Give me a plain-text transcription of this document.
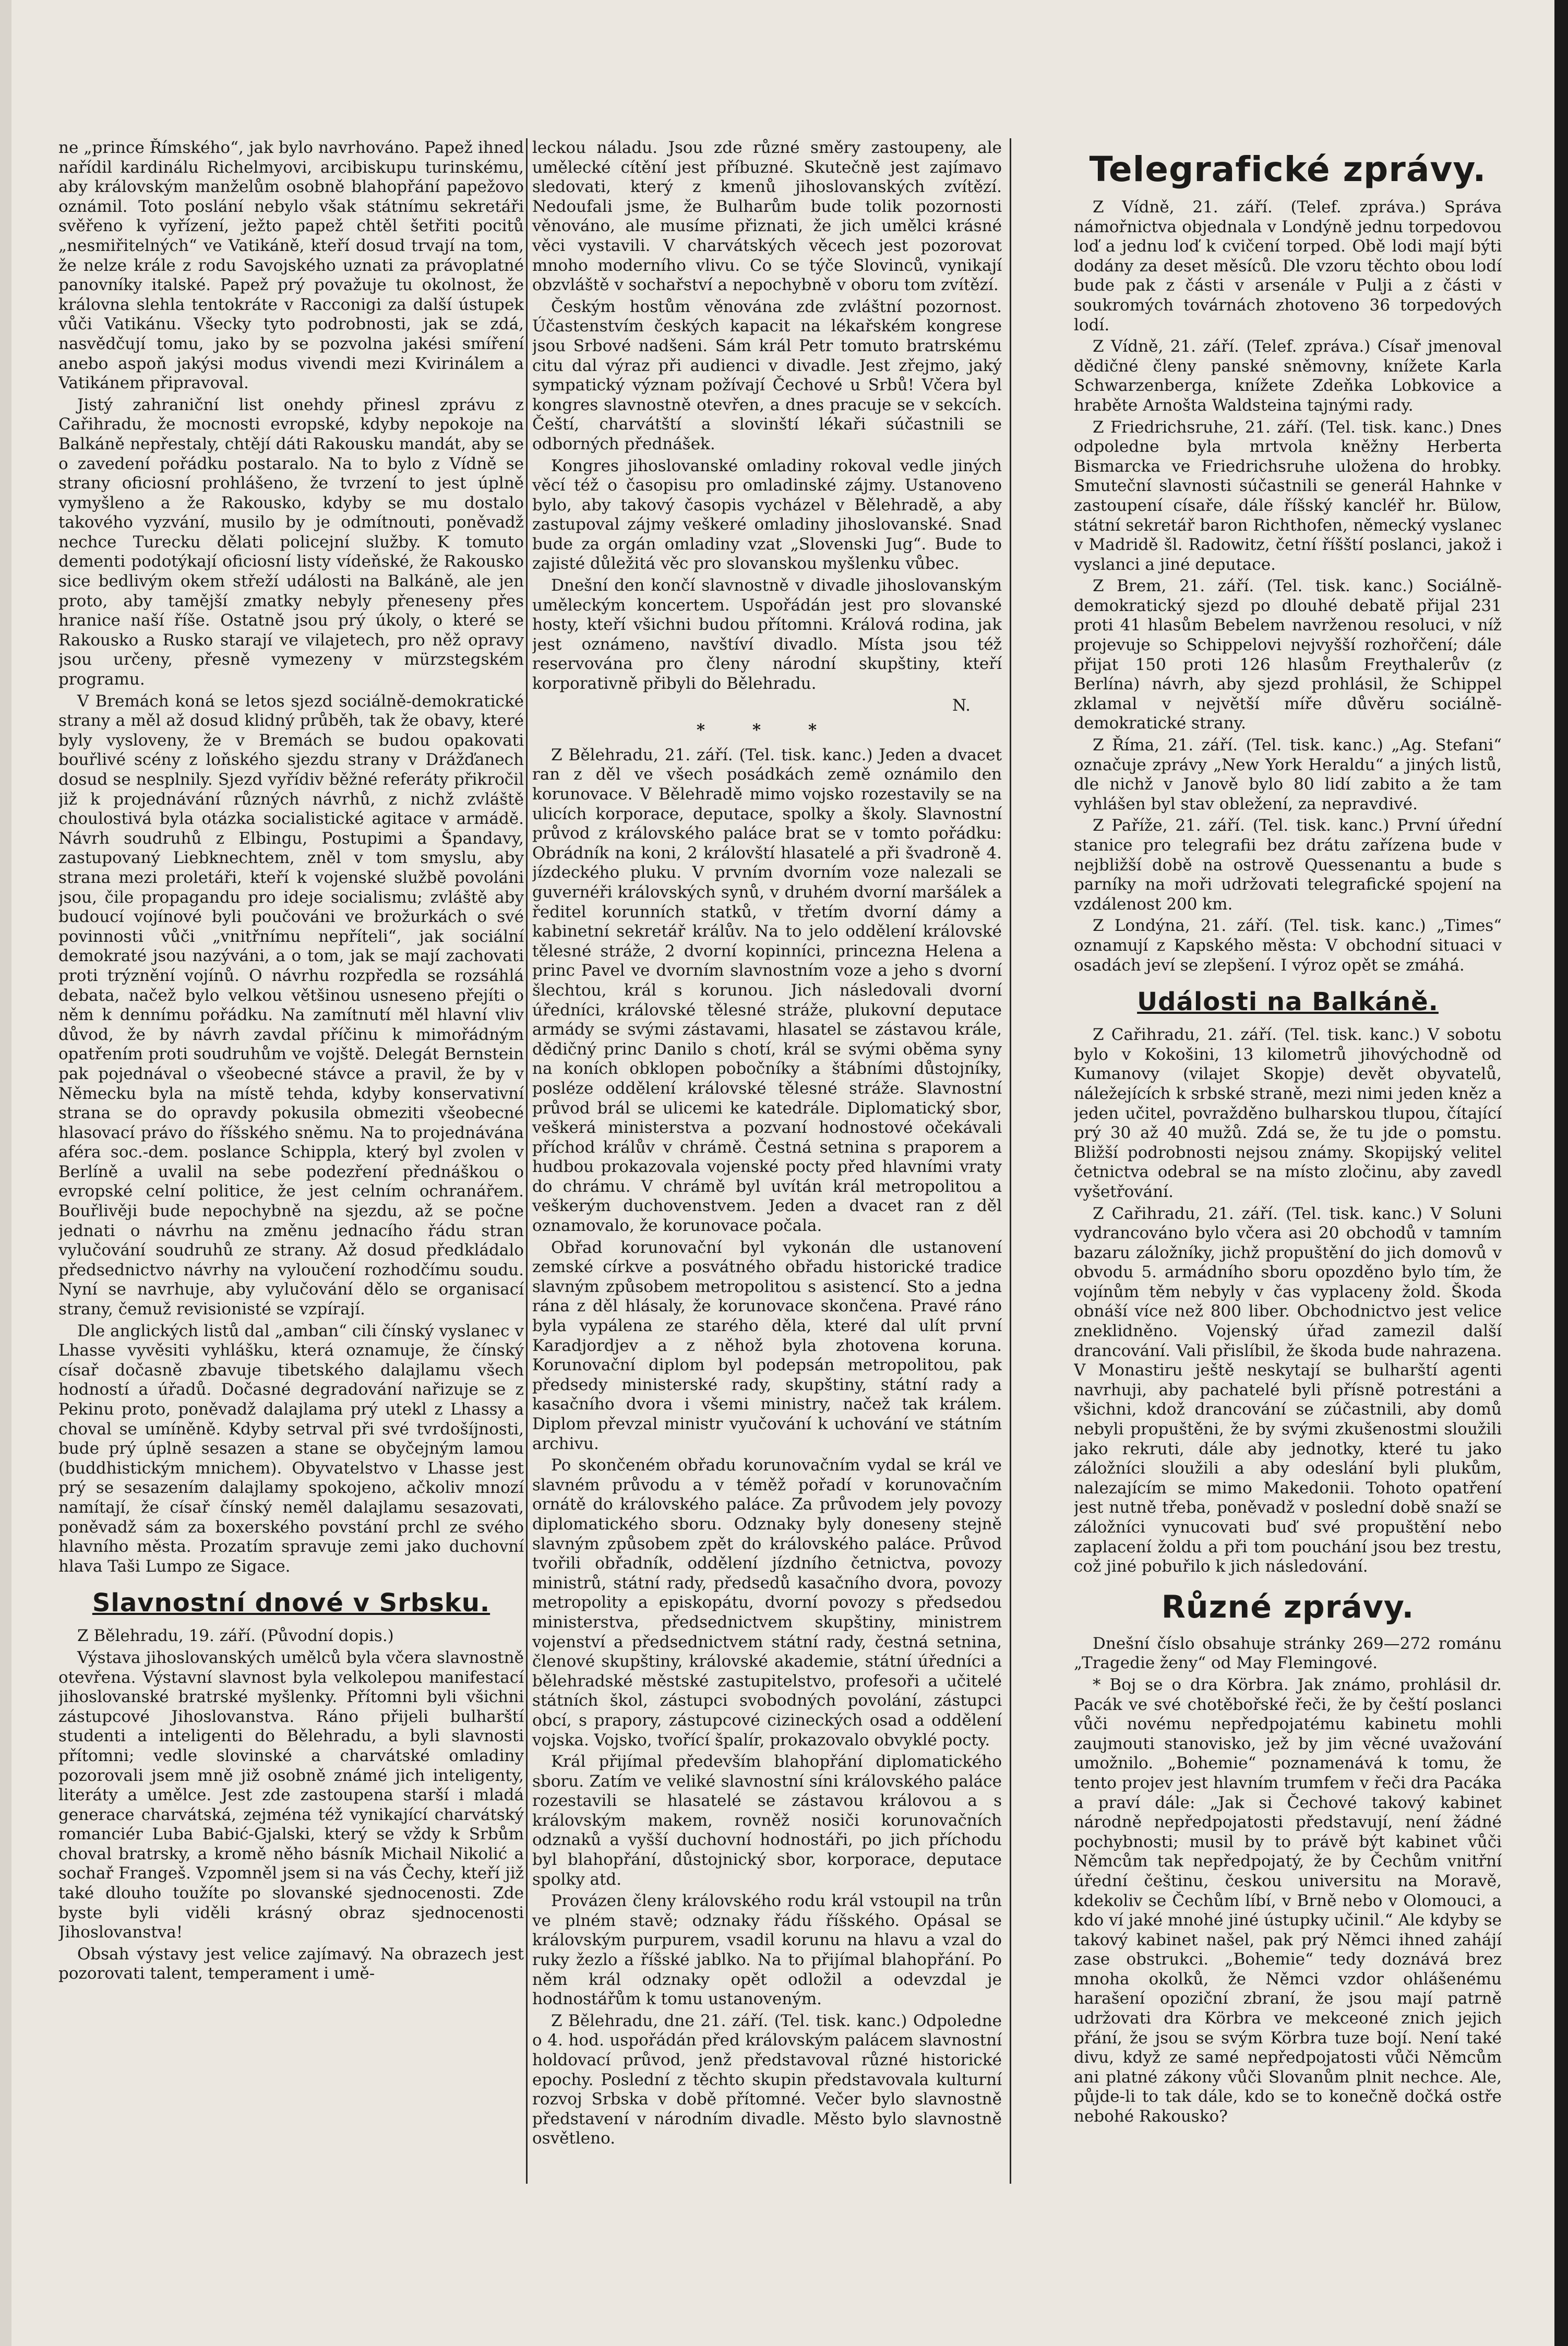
ne „prince Římského“, jak bylo navrhováno. Papež ihned nařídil kardinálu Richelmyovi, arcibiskupu turinskému, aby královským manželům osobně blahopřání papežovo oznámil. Toto poslání nebylo však státnímu sekretáři svěřeno k vyřízení, ježto papež chtěl šetřiti pocitů „nesmiřitelných“ ve Vatikáně, kteří dosud trvají na tom, že nelze krále z rodu Savojského uznati za právoplatné panovníky italské. Papež prý považuje tu okolnost, že královna slehla tentokráte v Racconigi za další ústupek vůči Vatikánu. Všecky tyto podrobnosti, jak se zdá, nasvědčují tomu, jako by se pozvolna jakési smíření anebo aspoň jakýsi modus vivendi mezi Kvirinálem a Vatikánem připravoval.

Jistý zahraniční list onehdy přinesl zprávu z Cařihradu, že mocnosti evropské, kdyby nepokoje na Balkáně nepřestaly, chtějí dáti Rakousku mandát, aby se o zavedení pořádku postaralo. Na to bylo z Vídně se strany oficiosní prohlášeno, že tvrzení to jest úplně vymyšleno a že Rakousko, kdyby se mu dostalo takového vyzvání, musilo by je odmítnouti, poněvadž nechce Turecku dělati policejní služby. K tomuto dementi podotýkají oficiosní listy vídeňské, že Rakousko sice bedlivým okem střeží události na Balkáně, ale jen proto, aby tamější zmatky nebyly přeneseny přes hranice naší říše. Ostatně jsou prý úkoly, o které se Rakousko a Rusko starají ve vilajetech, pro něž opravy jsou určeny, přesně vymezeny v mürzstegském programu.

V Bremách koná se letos sjezd sociálně-demokratické strany a měl až dosud klidný průběh, tak že obavy, které byly vysloveny, že v Bremách se budou opakovati bouřlivé scény z loňského sjezdu strany v Drážďanech dosud se nesplnily. Sjezd vyřídiv běžné referáty přikročil již k projednávání různých návrhů, z nichž zvláště choulostivá byla otázka socialistické agitace v armádě. Návrh soudruhů z Elbingu, Postupimi a Špandavy, zastupovaný Liebknechtem, zněl v tom smyslu, aby strana mezi proletáři, kteří k vojenské službě povoláni jsou, čile propagandu pro ideje socialismu; zvláště aby budoucí vojínové byli poučováni ve brožurkách o své povinnosti vůči „vnitřnímu nepříteli“, jak sociální demokraté jsou nazýváni, a o tom, jak se mají zachovati proti trýznění vojínů. O návrhu rozpředla se rozsáhlá debata, načež bylo velkou většinou usneseno přejíti o něm k dennímu pořádku. Na zamítnutí měl hlavní vliv důvod, že by návrh zavdal příčinu k mimořádným opatřením proti soudruhům ve vojště. Delegát Bernstein pak pojednával o všeobecné stávce a pravil, že by v Německu byla na místě tehda, kdyby konservativní strana se do opravdy pokusila obmeziti všeobecné hlasovací právo do říšského sněmu. Na to projednávána aféra soc.-dem. poslance Schippla, který byl zvolen v Berlíně a uvalil na sebe podezření přednáškou o evropské celní politice, že jest celním ochranářem. Bouřlivěji bude nepochybně na sjezdu, až se počne jednati o návrhu na změnu jednacího řádu stran vylučování soudruhů ze strany. Až dosud předkládalo předsednictvo návrhy na vyloučení rozhodčímu soudu. Nyní se navrhuje, aby vylučování dělo se organisací strany, čemuž revisionisté se vzpírají.

Dle anglických listů dal „amban“ cili čínský vyslanec v Lhasse vyvěsiti vyhlášku, která oznamuje, že čínský císař dočasně zbavuje tibetského dalajlamu všech hodností a úřadů. Dočasné degradování nařizuje se z Pekinu proto, poněvadž dalajlama prý utekl z Lhassy a choval se umíněně. Kdyby setrval při své tvrdošíjnosti, bude prý úplně sesazen a stane se obyčejným lamou (buddhistickým mnichem). Obyvatelstvo v Lhasse jest prý se sesazením dalajlamy spokojeno, ačkoliv mnozí namítají, že císař čínský neměl dalajlamu sesazovati, poněvadž sám za boxerského povstání prchl ze svého hlavního města. Prozatím spravuje zemi jako duchovní hlava Taši Lumpo ze Sigace.

Slavnostní dnové v Srbsku.

Z Bělehradu, 19. září. (Původní dopis.)

Výstava jihoslovanských umělců byla včera slavnostně otevřena. Výstavní slavnost byla velkolepou manifestací jihoslovanské bratrské myšlenky. Přítomni byli všichni zástupcové Jihoslovanstva. Ráno přijeli bulharští studenti a inteligenti do Bělehradu, a byli slavnosti přítomni; vedle slovinské a charvátské omladiny pozorovali jsem mně již osobně známé jich inteligenty, literáty a umělce. Jest zde zastoupena starší i mladá generace charvátská, zejména též vynikající charvátský romanciér Luba Babić-Gjalski, který se vždy k Srbům choval bratrsky, a kromě něho básník Michail Nikolić a sochař Frangeš. Vzpomněl jsem si na vás Čechy, kteří již také dlouho toužíte po slovanské sjednocenosti. Zde byste byli viděli krásný obraz sjednocenosti Jihoslovanstva!

Obsah výstavy jest velice zajímavý. Na obrazech jest pozorovati talent, temperament i umě-

leckou náladu. Jsou zde různé směry zastoupeny, ale umělecké cítění jest příbuzné. Skutečně jest zajímavo sledovati, který z kmenů jihoslovanských zvítězí. Nedoufali jsme, že Bulharům bude tolik pozornosti věnováno, ale musíme přiznati, že jich umělci krásné věci vystavili. V charvátských věcech jest pozorovat mnoho moderního vlivu. Co se týče Slovinců, vynikají obzvláště v sochařství a nepochybně v oboru tom zvítězí.

Českým hostům věnována zde zvláštní pozornost. Účastenstvím českých kapacit na lékařském kongrese jsou Srbové nadšeni. Sám král Petr tomuto bratrskému citu dal výraz při audienci v divadle. Jest zřejmo, jaký sympatický význam požívají Čechové u Srbů! Včera byl kongres slavnostně otevřen, a dnes pracuje se v sekcích. Čeští, charvátští a slovinští lékaři súčastnili se odborných přednášek.

Kongres jihoslovanské omladiny rokoval vedle jiných věcí též o časopisu pro omladinské zájmy. Ustanoveno bylo, aby takový časopis vycházel v Bělehradě, a aby zastupoval zájmy veškeré omladiny jihoslovanské. Snad bude za orgán omladiny vzat „Slovenski Jug“. Bude to zajisté důležitá věc pro slovanskou myšlenku vůbec.

Dnešní den končí slavnostně v divadle jihoslovanským uměleckým koncertem. Uspořádán jest pro slovanské hosty, kteří všichni budou přítomni. Králová rodina, jak jest oznámeno, navštíví divadlo. Místa jsou též reservována pro členy národní skupštiny, kteří korporativně přibyli do Bělehradu.

N.

* * *

Z Bělehradu, 21. září. (Tel. tisk. kanc.) Jeden a dvacet ran z děl ve všech posádkách země oznámilo den korunovace. V Bělehradě mimo vojsko rozestavily se na ulicích korporace, deputace, spolky a školy. Slavnostní průvod z královského paláce brat se v tomto pořádku: Obrádník na koni, 2 královští hlasatelé a při švadroně 4. jízdeckého pluku. V prvním dvorním voze nalezali se guvernéři královských synů, v druhém dvorní maršálek a ředitel korunních statků, v třetím dvorní dámy a kabinetní sekretář králův. Na to jelo oddělení královské tělesné stráže, 2 dvorní kopinníci, princezna Helena a princ Pavel ve dvorním slavnostním voze a jeho s dvorní šlechtou, král s korunou. Jich následovali dvorní úředníci, královské tělesné stráže, plukovní deputace armády se svými zástavami, hlasatel se zástavou krále, dědičný princ Danilo s chotí, král se svými oběma syny na koních obklopen pobočníky a štábními důstojníky, posléze oddělení královské tělesné stráže. Slavnostní průvod brál se ulicemi ke katedrále. Diplomatický sbor, veškerá ministerstva a pozvaní hodnostové očekávali příchod králův v chrámě. Čestná setnina s praporem a hudbou prokazovala vojenské pocty před hlavními vraty do chrámu. V chrámě byl uvítán král metropolitou a veškerým duchovenstvem. Jeden a dvacet ran z děl oznamovalo, že korunovace počala.

Obřad korunovační byl vykonán dle ustanovení zemské církve a posvátného obřadu historické tradice slavným způsobem metropolitou s asistencí. Sto a jedna rána z děl hlásaly, že korunovace skončena. Pravé ráno byla vypálena ze starého děla, které dal ulít první Karadjordjev a z něhož byla zhotovena koruna. Korunovační diplom byl podepsán metropolitou, pak předsedy ministerské rady, skupštiny, státní rady a kasačního dvora i všemi ministry, načež tak králem. Diplom převzal ministr vyučování k uchování ve státním archivu.

Po skončeném obřadu korunovačním vydal se král ve slavném průvodu a v téměž pořadí v korunovačním ornátě do královského paláce. Za průvodem jely povozy diplomatického sboru. Odznaky byly doneseny stejně slavným způsobem zpět do královského paláce. Průvod tvořili obřadník, oddělení jízdního četnictva, povozy ministrů, státní rady, předsedů kasačního dvora, povozy metropolity a episkopátu, dvorní povozy s předsedou ministerstva, předsednictvem skupštiny, ministrem vojenství a předsednictvem státní rady, čestná setnina, členové skupštiny, královské akademie, státní úředníci a bělehradské městské zastupitelstvo, profesoři a učitelé státních škol, zástupci svobodných povolání, zástupci obcí, s prapory, zástupcové cizineckých osad a oddělení vojska. Vojsko, tvořící špalír, prokazovalo obvyklé pocty.

Král přijímal především blahopřání diplomatického sboru. Zatím ve veliké slavnostní síni královského paláce rozestavili se hlasatelé se zástavou královou a s královským makem, rovněž nosiči korunovačních odznaků a vyšší duchovní hodnostáři, po jich příchodu byl blahopřání, důstojnický sbor, korporace, deputace spolky atd.

Provázen členy královského rodu král vstoupil na trůn ve plném stavě; odznaky řádu říšského. Opásal se královským purpurem, vsadil korunu na hlavu a vzal do ruky žezlo a říšské jablko. Na to přijímal blahopřání. Po něm král odznaky opět odložil a odevzdal je hodnostářům k tomu ustanoveným.

Z Bělehradu, dne 21. září. (Tel. tisk. kanc.) Odpoledne o 4. hod. uspořádán před královským palácem slavnostní holdovací průvod, jenž představoval různé historické epochy. Poslední z těchto skupin představovala kulturní rozvoj Srbska v době přítomné. Večer bylo slavnostně představení v národním divadle. Město bylo slavnostně osvětleno.

Telegrafické zprávy.

Z Vídně, 21. září. (Telef. zpráva.) Správa námořnictva objednala v Londýně jednu torpedovou loď a jednu loď k cvičení torped. Obě lodi mají býti dodány za deset měsíců. Dle vzoru těchto obou lodí bude pak z části v arsenále v Pulji a z části v soukromých továrnách zhotoveno 36 torpedových lodí.

Z Vídně, 21. září. (Telef. zpráva.) Císař jmenoval dědičné členy panské sněmovny, knížete Karla Schwarzenberga, knížete Zdeňka Lobkovice a hraběte Arnošta Waldsteina tajnými rady.

Z Friedrichsruhe, 21. září. (Tel. tisk. kanc.) Dnes odpoledne byla mrtvola kněžny Herberta Bismarcka ve Friedrichsruhe uložena do hrobky. Smuteční slavnosti súčastnili se generál Hahnke v zastoupení císaře, dále říšský kancléř hr. Bülow, státní sekretář baron Richthofen, německý vyslanec v Madridě šl. Radowitz, četní říšští poslanci, jakož i vyslanci a jiné deputace.

Z Brem, 21. září. (Tel. tisk. kanc.) Sociálně-demokratický sjezd po dlouhé debatě přijal 231 proti 41 hlasům Bebelem navrženou resoluci, v níž projevuje so Schippelovi nejvyšší rozhořčení; dále přijat 150 proti 126 hlasům Freythalerův (z Berlína) návrh, aby sjezd prohlásil, že Schippel zklamal v největší míře důvěru sociálně-demokratické strany.

Z Říma, 21. září. (Tel. tisk. kanc.) „Ag. Stefani“ označuje zprávy „New York Heraldu“ a jiných listů, dle nichž v Janově bylo 80 lidí zabito a že tam vyhlášen byl stav obležení, za nepravdivé.

Z Paříže, 21. září. (Tel. tisk. kanc.) První úřední stanice pro telegrafii bez drátu zařízena bude v nejbližší době na ostrově Quessenantu a bude s parníky na moři udržovati telegrafické spojení na vzdálenost 200 km.

Z Londýna, 21. září. (Tel. tisk. kanc.) „Times“ oznamují z Kapského města: V obchodní situaci v osadách jeví se zlepšení. I výroz opět se zmáhá.

Události na Balkáně.

Z Cařihradu, 21. září. (Tel. tisk. kanc.) V sobotu bylo v Kokošini, 13 kilometrů jihovýchodně od Kumanovy (vilajet Skopje) devět obyvatelů, náležejících k srbské straně, mezi nimi jeden kněz a jeden učitel, povražděno bulharskou tlupou, čítající prý 30 až 40 mužů. Zdá se, že tu jde o pomstu. Bližší podrobnosti nejsou známy. Skopijský velitel četnictva odebral se na místo zločinu, aby zavedl vyšetřování.

Z Cařihradu, 21. září. (Tel. tisk. kanc.) V Soluni vydrancováno bylo včera asi 20 obchodů v tamním bazaru záložníky, jichž propuštění do jich domovů v obvodu 5. armádního sboru opozděno bylo tím, že vojínům těm nebyly v čas vyplaceny žold. Škoda obnáší více než 800 liber. Obchodnictvo jest velice zneklidněno. Vojenský úřad zamezil další drancování. Vali přislíbil, že škoda bude nahrazena. V Monastiru ještě neskytají se bulharští agenti navrhuji, aby pachatelé byli přísně potrestáni a všichni, kdož drancování se zúčastnili, aby domů nebyli propuštěni, že by svými zkušenostmi sloužili jako rekruti, dále aby jednotky, které tu jako záložníci sloužili a aby odeslání byli plukům, nalezajícím se mimo Makedonii. Tohoto opatření jest nutně třeba, poněvadž v poslední době snaží se záložníci vynucovati buď své propuštění nebo zaplacení žoldu a při tom pouchání jsou bez trestu, což jiné pobuřilo k jich následování.

Různé zprávy.

Dnešní číslo obsahuje stránky 269—272 románu „Tragedie ženy“ od May Flemingové.

* Boj se o dra Körbra. Jak známo, prohlásil dr. Pacák ve své chotěbořské řeči, že by čeští poslanci vůči novému nepředpojatému kabinetu mohli zaujmouti stanovisko, jež by jim věcné uvažování umožnilo. „Bohemie“ poznamenává k tomu, že tento projev jest hlavním trumfem v řeči dra Pacáka a praví dále: „Jak si Čechové takový kabinet národně nepředpojatosti představují, není žádné pochybnosti; musil by to právě být kabinet vůči Němcům tak nepředpojatý, že by Čechům vnitřní úřední češtinu, českou universitu na Moravě, kdekoliv se Čechům líbí, v Brně nebo v Olomouci, a kdo ví jaké mnohé jiné ústupky učinil.“ Ale kdyby se takový kabinet našel, pak prý Němci ihned zahájí zase obstrukci. „Bohemie“ tedy doznává brez mnoha okolků, že Němci vzdor ohlášenému harašení opoziční zbraní, že jsou mají patrně udržovati dra Körbra ve mekceoné znich jejich přání, že jsou se svým Körbra tuze bojí. Není také divu, když ze samé nepředpojatosti vůči Němcům ani platné zákony vůči Slovanům plnit nechce. Ale, půjde-li to tak dále, kdo se to konečně dočká ostře nebohé Rakousko?
